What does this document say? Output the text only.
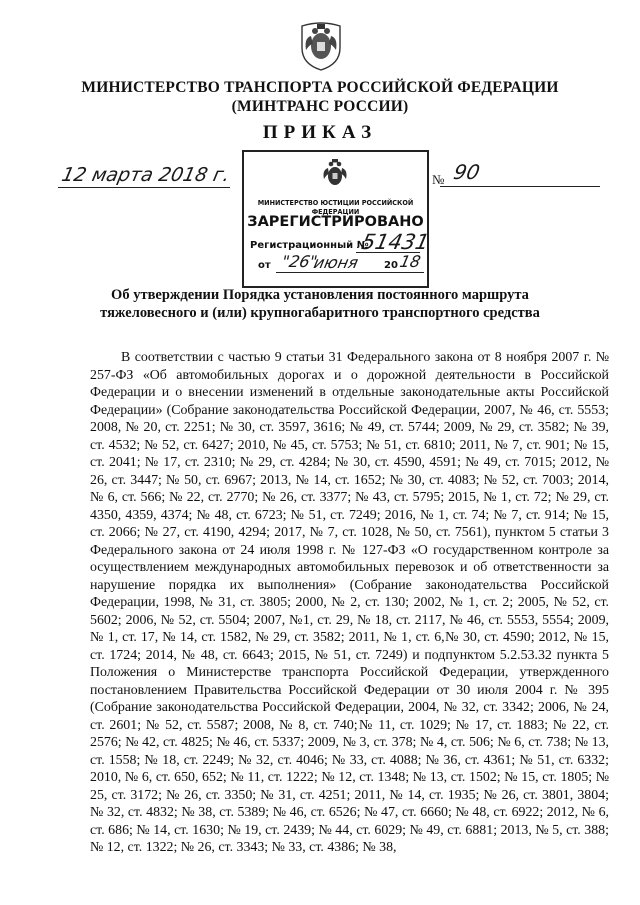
МИНИСТЕРСТВО ТРАНСПОРТА РОССИЙСКОЙ ФЕДЕРАЦИИ
(МИНТРАНС РОССИИ)
ПРИКАЗ
12 марта 2018 г.
МИНИСТЕРСТВО ЮСТИЦИИ РОССИЙСКОЙ ФЕДЕРАЦИИ
ЗАРЕГИСТРИРОВАНО
Регистрационный №
51431
от "26"
июня 20 18
№ 90
Об утверждении Порядка установления постоянного маршрута
тяжеловесного и (или) крупногабаритного транспортного средства

В соответствии с частью 9 статьи 31 Федерального закона от 8 ноября 2007 г. № 257-ФЗ «Об автомобильных дорогах и о дорожной деятельности в Российской Федерации и о внесении изменений в отдельные законодательные акты Российской Федерации» (Собрание законодательства Российской Федерации, 2007, № 46, ст. 5553; 2008, № 20, ст. 2251; № 30, ст. 3597, 3616; № 49, ст. 5744; 2009, № 29, ст. 3582; № 39, ст. 4532; № 52, ст. 6427; 2010, № 45, ст. 5753; № 51, ст. 6810; 2011, № 7, ст. 901; № 15, ст. 2041; № 17, ст. 2310; № 29, ст. 4284; № 30, ст. 4590, 4591; № 49, ст. 7015; 2012, № 26, ст. 3447; № 50, ст. 6967; 2013, № 14, ст. 1652; № 30, ст. 4083; № 52, ст. 7003; 2014, № 6, ст. 566; № 22, ст. 2770; № 26, ст. 3377; № 43, ст. 5795; 2015, № 1, ст. 72; № 29, ст. 4350, 4359, 4374; № 48, ст. 6723; № 51, ст. 7249; 2016, № 1, ст. 74; № 7, ст. 914; № 15, ст. 2066; № 27, ст. 4190, 4294; 2017, № 7, ст. 1028, № 50, ст. 7561), пунктом 5 статьи 3 Федерального закона от 24 июля 1998 г. № 127-ФЗ «О государственном контроле за осуществлением международных автомобильных перевозок и об ответственности за нарушение порядка их выполнения» (Собрание законодательства Российской Федерации, 1998, № 31, ст. 3805; 2000, № 2, ст. 130; 2002, № 1, ст. 2; 2005, № 52, ст. 5602; 2006, № 52, ст. 5504; 2007, №1, ст. 29, № 18, ст. 2117, № 46, ст. 5553, 5554; 2009, № 1, ст. 17, № 14, ст. 1582, № 29, ст. 3582; 2011, № 1, ст. 6,№ 30, ст. 4590; 2012, № 15, ст. 1724; 2014, № 48, ст. 6643; 2015, № 51, ст. 7249) и подпунктом 5.2.53.32 пункта 5 Положения о Министерстве транспорта Российской Федерации, утвержденного постановлением Правительства Российской Федерации от 30 июля 2004 г. № 395 (Собрание законодательства Российской Федерации, 2004, № 32, ст. 3342; 2006, № 24, ст. 2601; № 52, ст. 5587; 2008, № 8, ст. 740;№ 11, ст. 1029; № 17, ст. 1883; № 22, ст. 2576; № 42, ст. 4825; № 46, ст. 5337; 2009, № 3, ст. 378; № 4, ст. 506; № 6, ст. 738; № 13, ст. 1558; № 18, ст. 2249; № 32, ст. 4046; № 33, ст. 4088; № 36, ст. 4361; № 51, ст. 6332; 2010, № 6, ст. 650, 652; № 11, ст. 1222; № 12, ст. 1348; № 13, ст. 1502; № 15, ст. 1805; № 25, ст. 3172; № 26, ст. 3350; № 31, ст. 4251; 2011, № 14, ст. 1935; № 26, ст. 3801, 3804; № 32, ст. 4832; № 38, ст. 5389; № 46, ст. 6526; № 47, ст. 6660; № 48, ст. 6922; 2012, № 6, ст. 686; № 14, ст. 1630; № 19, ст. 2439; № 44, ст. 6029; № 49, ст. 6881; 2013, № 5, ст. 388; № 12, ст. 1322; № 26, ст. 3343; № 33, ст. 4386; № 38,
